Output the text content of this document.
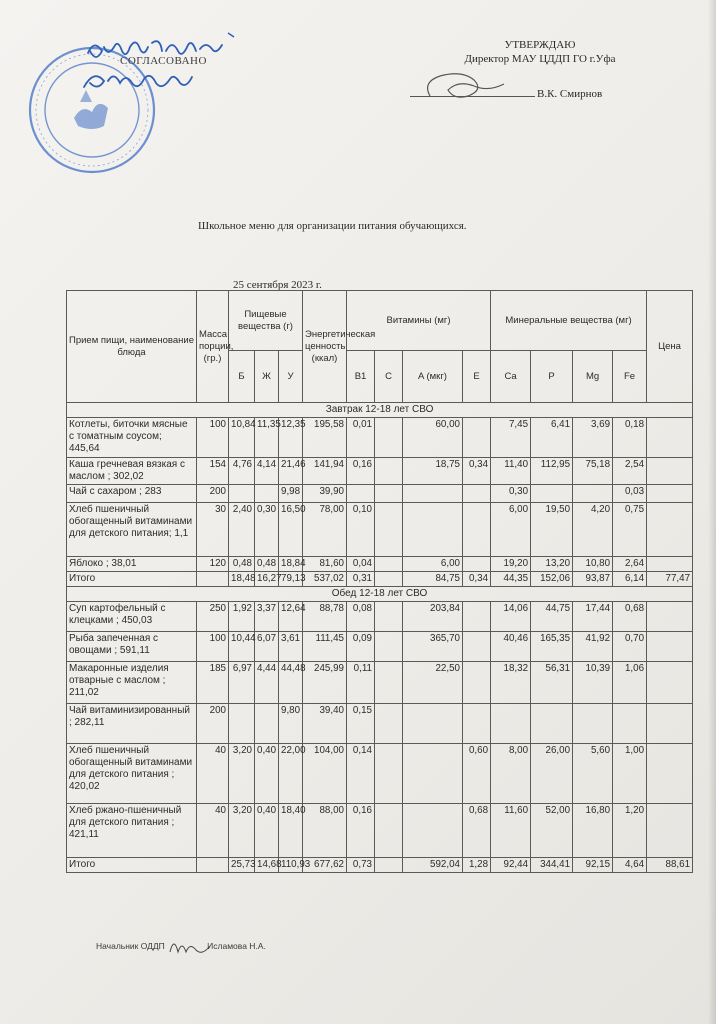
СОГЛАСОВАНО

УТВЕРЖДАЮ

Директор МАУ ЦДДП ГО г.Уфа

В.К. Смирнов
Школьное меню для организации питания обучающихся.
25 сентября 2023 г.
Прием пищи, наименование блюда	Масса порции, (гр.)	Пищевые вещества (г)			Энергетическая ценность (ккал)	Витамины (мг)				Минеральные вещества (мг)				Цена
		Б	Ж	У		B1	C	A (мкг)	E	Ca	P	Mg	Fe	
Завтрак 12-18 лет СВО														
Котлеты, биточки мясные с томатным соусом; 445,64	100	10,84	11,35	12,35	195,58	0,01		60,00		7,45	6,41	3,69	0,18	
Каша гречневая вязкая с маслом ; 302,02	154	4,76	4,14	21,46	141,94	0,16		18,75	0,34	11,40	112,95	75,18	2,54	
Чай с сахаром ; 283	200			9,98	39,90					0,30			0,03	
Хлеб пшеничный обогащенный витаминами для детского питания; 1,1	30	2,40	0,30	16,50	78,00	0,10				6,00	19,50	4,20	0,75	
Яблоко ; 38,01	120	0,48	0,48	18,84	81,60	0,04		6,00		19,20	13,20	10,80	2,64	
Итого		18,48	16,27	79,13	537,02	0,31		84,75	0,34	44,35	152,06	93,87	6,14	77,47
Обед 12-18 лет СВО														
Суп картофельный с клецками ; 450,03	250	1,92	3,37	12,64	88,78	0,08		203,84		14,06	44,75	17,44	0,68	
Рыба запеченная с овощами ; 591,11	100	10,44	6,07	3,61	111,45	0,09		365,70		40,46	165,35	41,92	0,70	
Макаронные изделия отварные с маслом ; 211,02	185	6,97	4,44	44,48	245,99	0,11		22,50		18,32	56,31	10,39	1,06	
Чай витаминизированный ; 282,11	200			9,80	39,40	0,15								
Хлеб пшеничный обогащенный витаминами для детского питания ; 420,02	40	3,20	0,40	22,00	104,00	0,14			0,60	8,00	26,00	5,60	1,00	
Хлеб ржано-пшеничный для детского питания ; 421,11	40	3,20	0,40	18,40	88,00	0,16			0,68	11,60	52,00	16,80	1,20	
Итого		25,73	14,68	110,93	677,62	0,73		592,04	1,28	92,44	344,41	92,15	4,64	88,61
Начальник ОДДП	Исламова Н.А.
